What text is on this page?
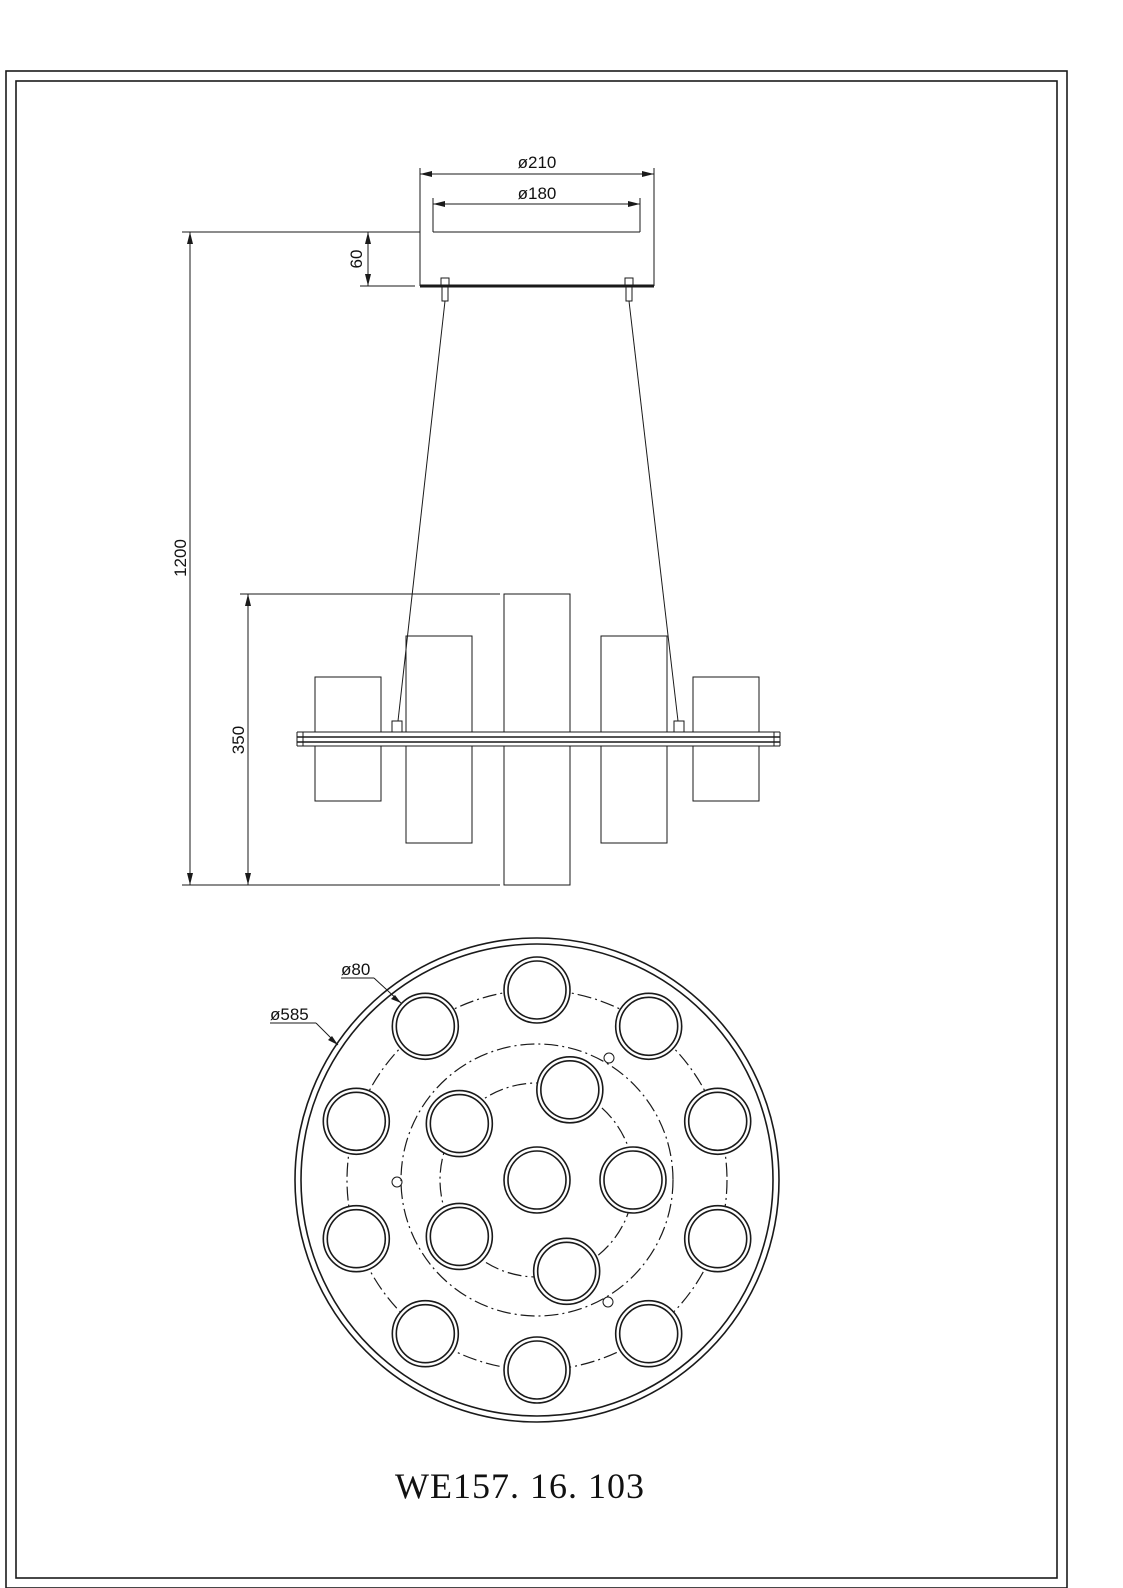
ø210
ø180
60
1200
350
ø80
ø585
WE157. 16. 103
